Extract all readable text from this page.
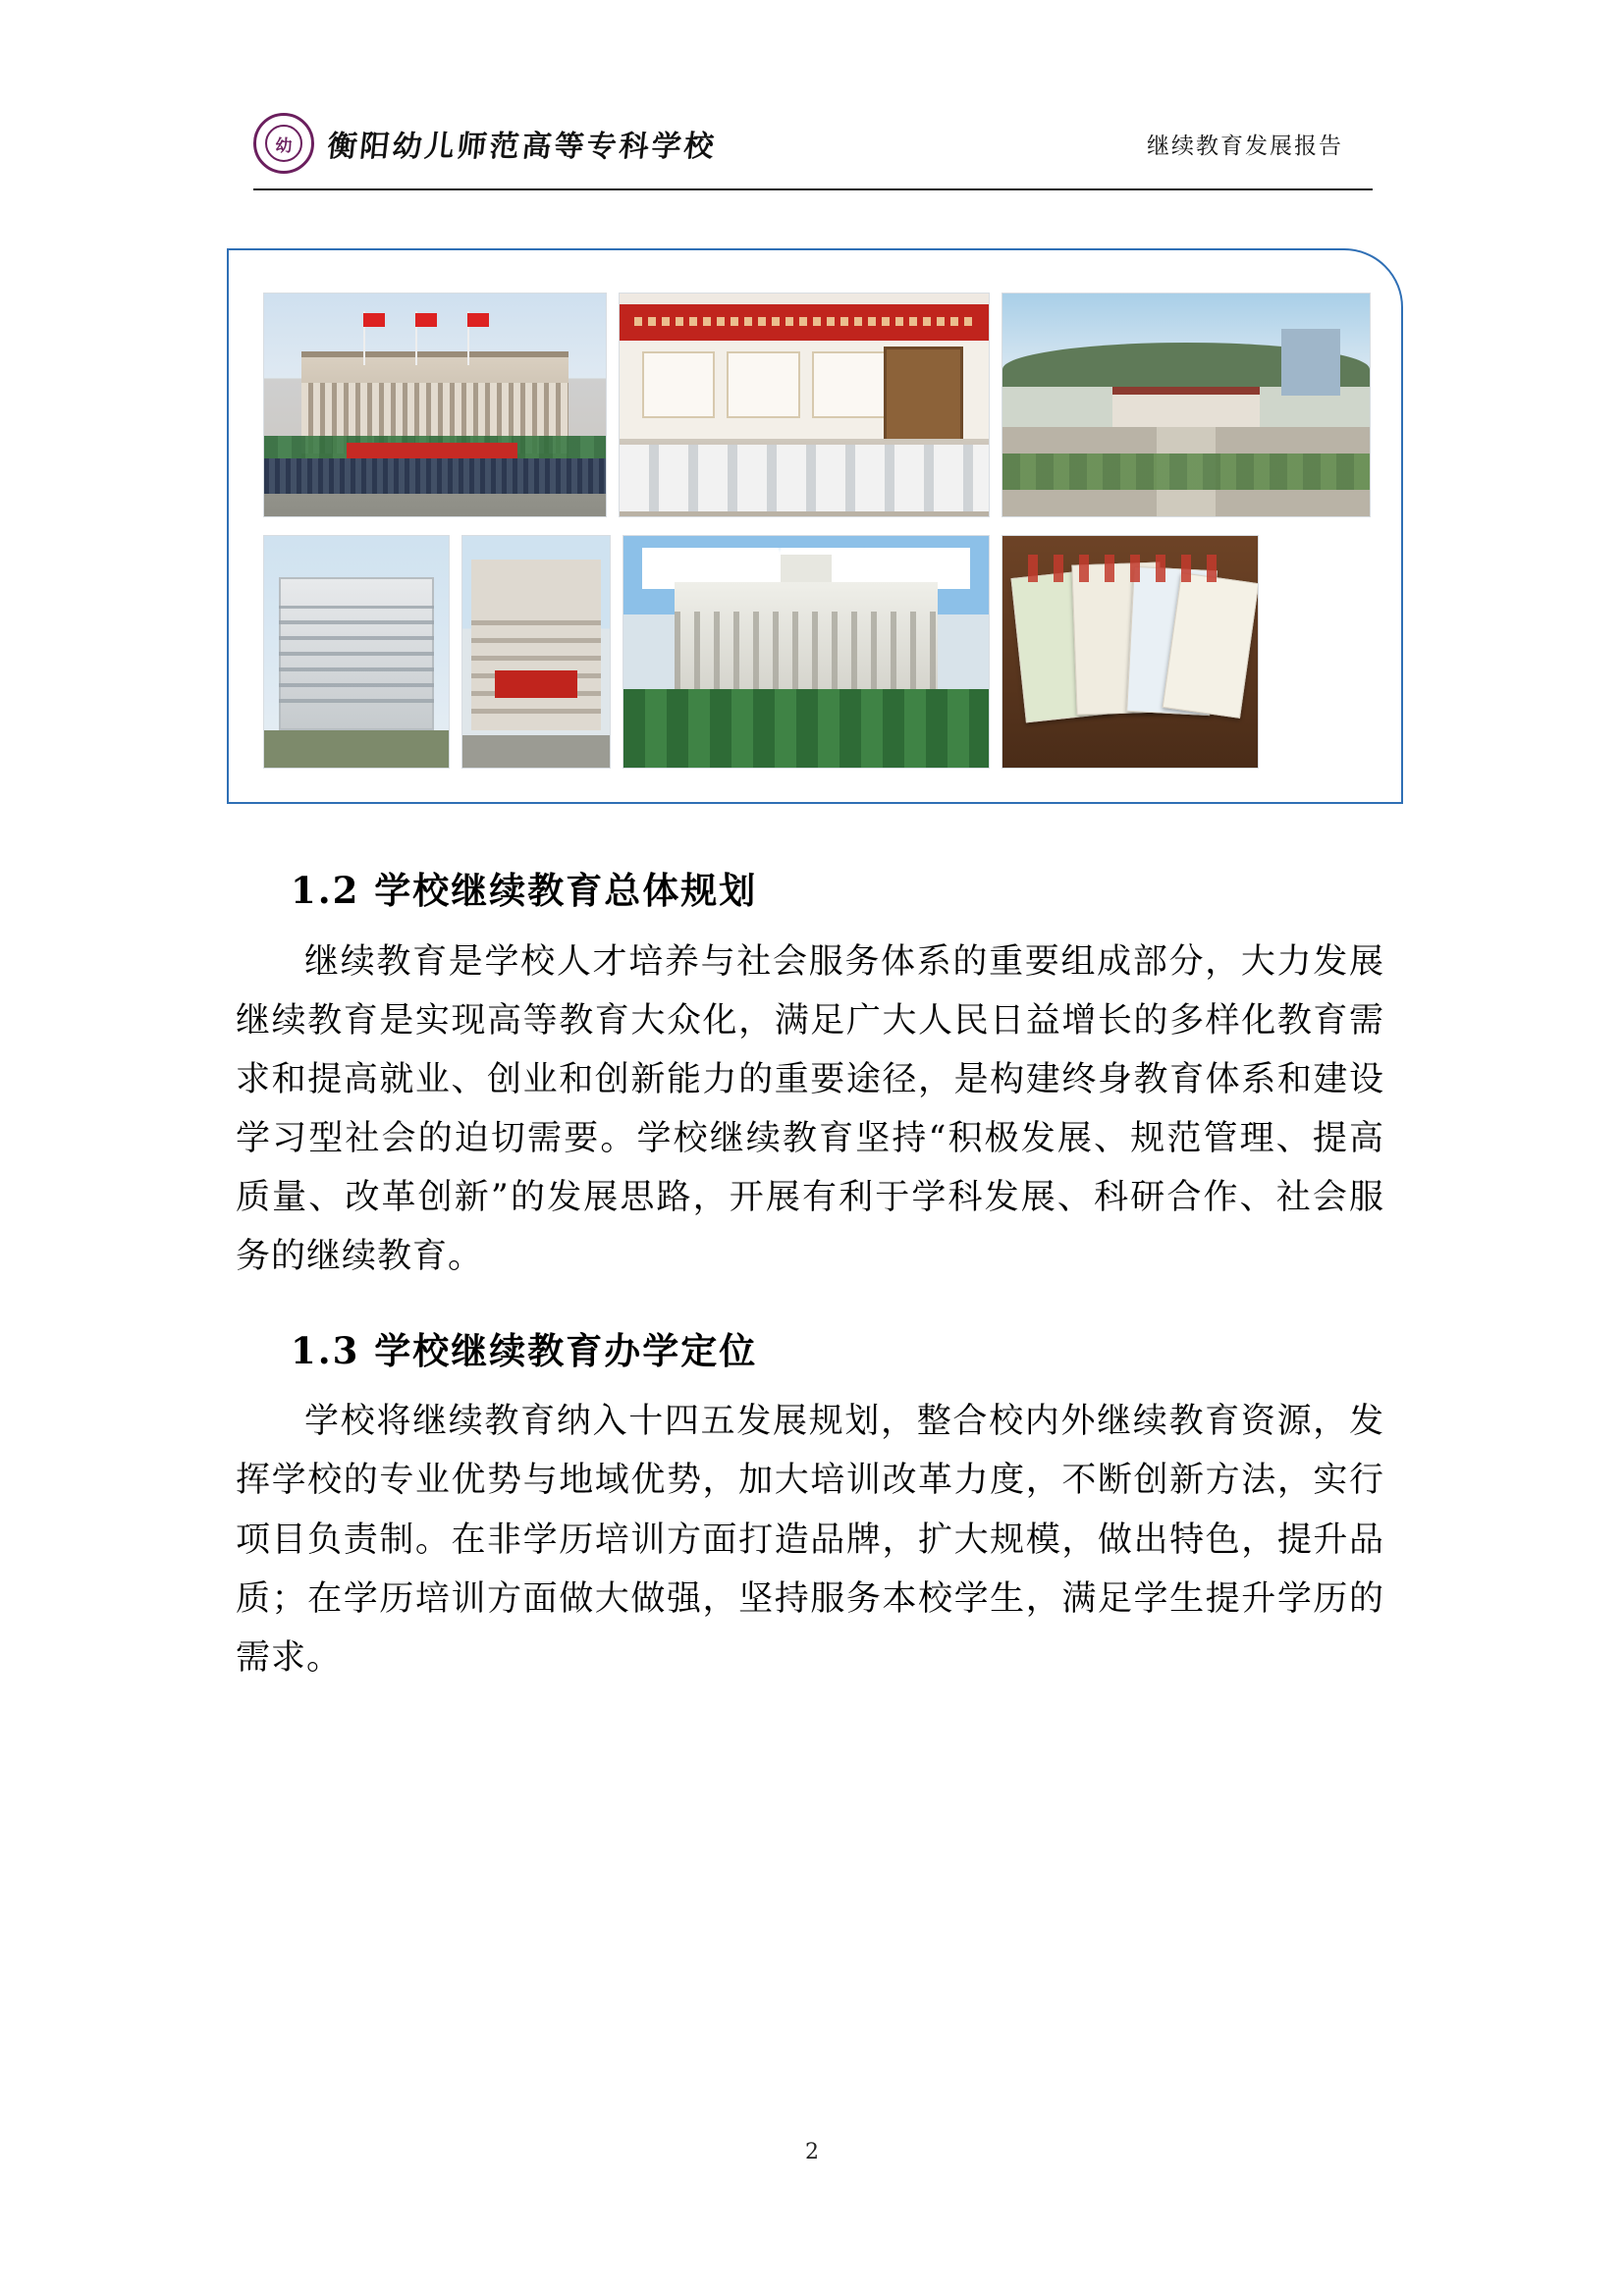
幼	衡阳幼儿师范高等专科学校	继续教育发展报告
1.2 学校继续教育总体规划

继续教育是学校人才培养与社会服务体系的重要组成部分，大力发展继续教育是实现高等教育大众化，满足广大人民日益增长的多样化教育需求和提高就业、创业和创新能力的重要途径，是构建终身教育体系和建设学习型社会的迫切需要。学校继续教育坚持“积极发展、规范管理、提高质量、改革创新”的发展思路，开展有利于学科发展、科研合作、社会服务的继续教育。

1.3 学校继续教育办学定位

学校将继续教育纳入十四五发展规划，整合校内外继续教育资源，发挥学校的专业优势与地域优势，加大培训改革力度，不断创新方法，实行项目负责制。在非学历培训方面打造品牌，扩大规模，做出特色，提升品质；在学历培训方面做大做强，坚持服务本校学生，满足学生提升学历的需求。

2
